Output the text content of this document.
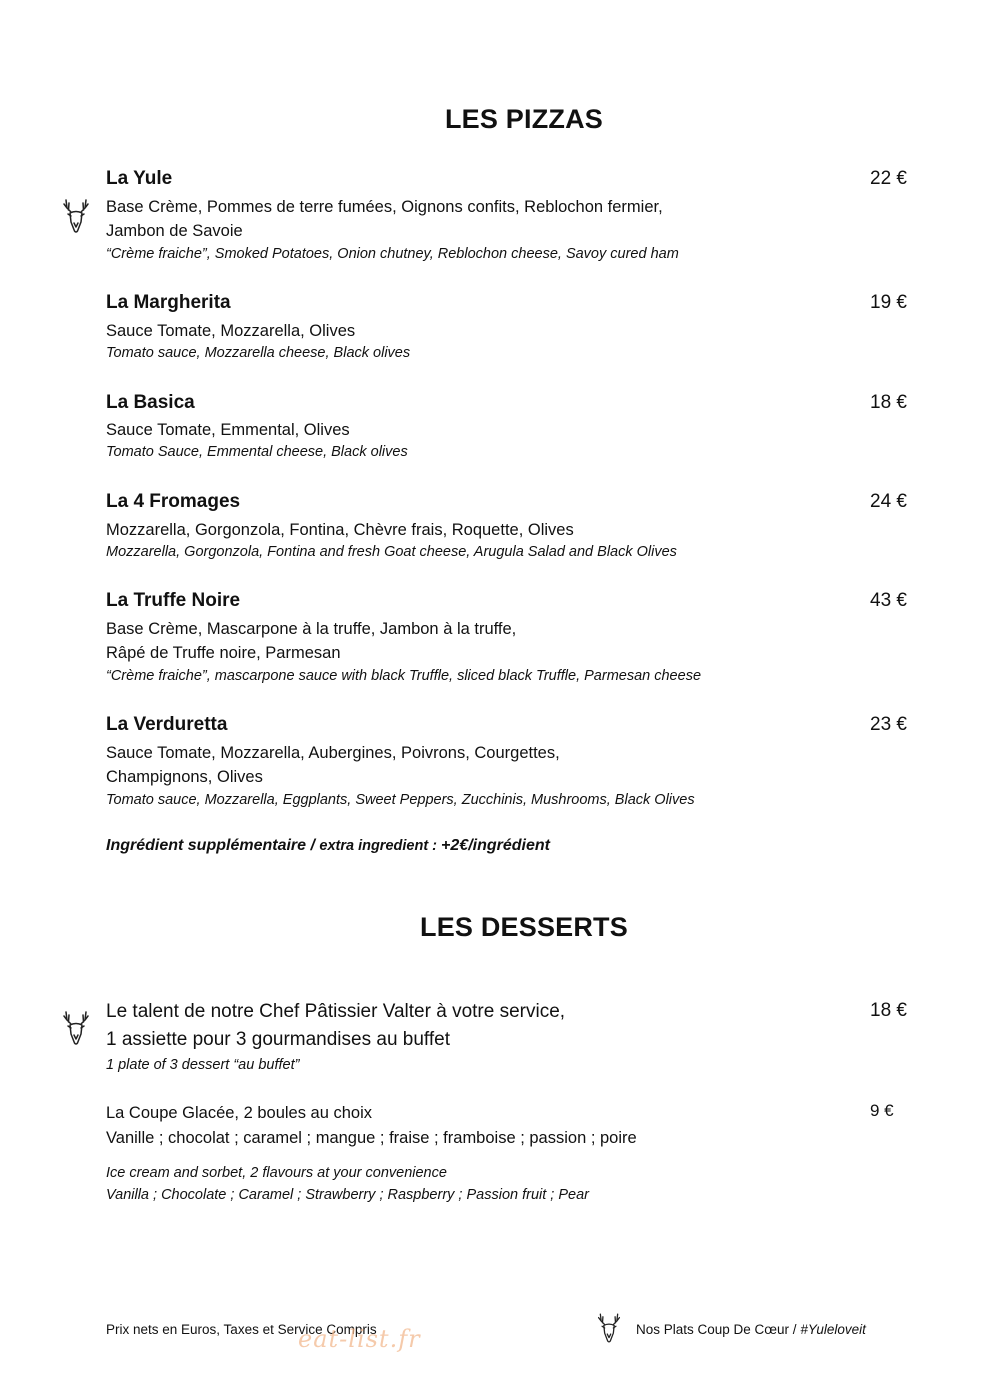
LES PIZZAS
La Yule	22 €
Base Crème, Pommes de terre fumées, Oignons confits, Reblochon fermier,
Jambon de Savoie
“Crème fraiche”, Smoked Potatoes, Onion chutney, Reblochon cheese, Savoy cured ham
La Margherita	19 €
Sauce Tomate, Mozzarella, Olives
Tomato sauce, Mozzarella cheese, Black olives
La Basica	18 €
Sauce Tomate, Emmental, Olives
Tomato Sauce, Emmental cheese, Black olives
La 4 Fromages	24 €
Mozzarella, Gorgonzola, Fontina, Chèvre frais, Roquette, Olives
Mozzarella, Gorgonzola, Fontina and fresh Goat cheese, Arugula Salad and Black Olives
La Truffe Noire	43 €
Base Crème, Mascarpone à la truffe, Jambon à la truffe,
Râpé de Truffe noire, Parmesan
“Crème fraiche”, mascarpone sauce with black Truffle, sliced black Truffle, Parmesan cheese
La Verduretta	23 €
Sauce Tomate, Mozzarella, Aubergines, Poivrons, Courgettes,
Champignons, Olives
Tomato sauce, Mozzarella, Eggplants, Sweet Peppers, Zucchinis, Mushrooms, Black Olives
Ingrédient supplémentaire / extra ingredient : +2€/ingrédient
LES DESSERTS
Le talent de notre Chef Pâtissier Valter à votre service,
1 assiette pour 3 gourmandises au buffet
18 €
1 plate of 3 dessert “au buffet”
La Coupe Glacée, 2 boules au choix	9 €
Vanille ; chocolat ; caramel ; mangue ; fraise ; framboise ; passion ; poire
Ice cream and sorbet, 2 flavours at your convenience
Vanilla ; Chocolate ; Caramel ; Strawberry ; Raspberry ; Passion fruit ; Pear
Prix nets en Euros, Taxes et Service Compris	Nos Plats Coup De Cœur / #Yuleloveit
eat-list.fr
